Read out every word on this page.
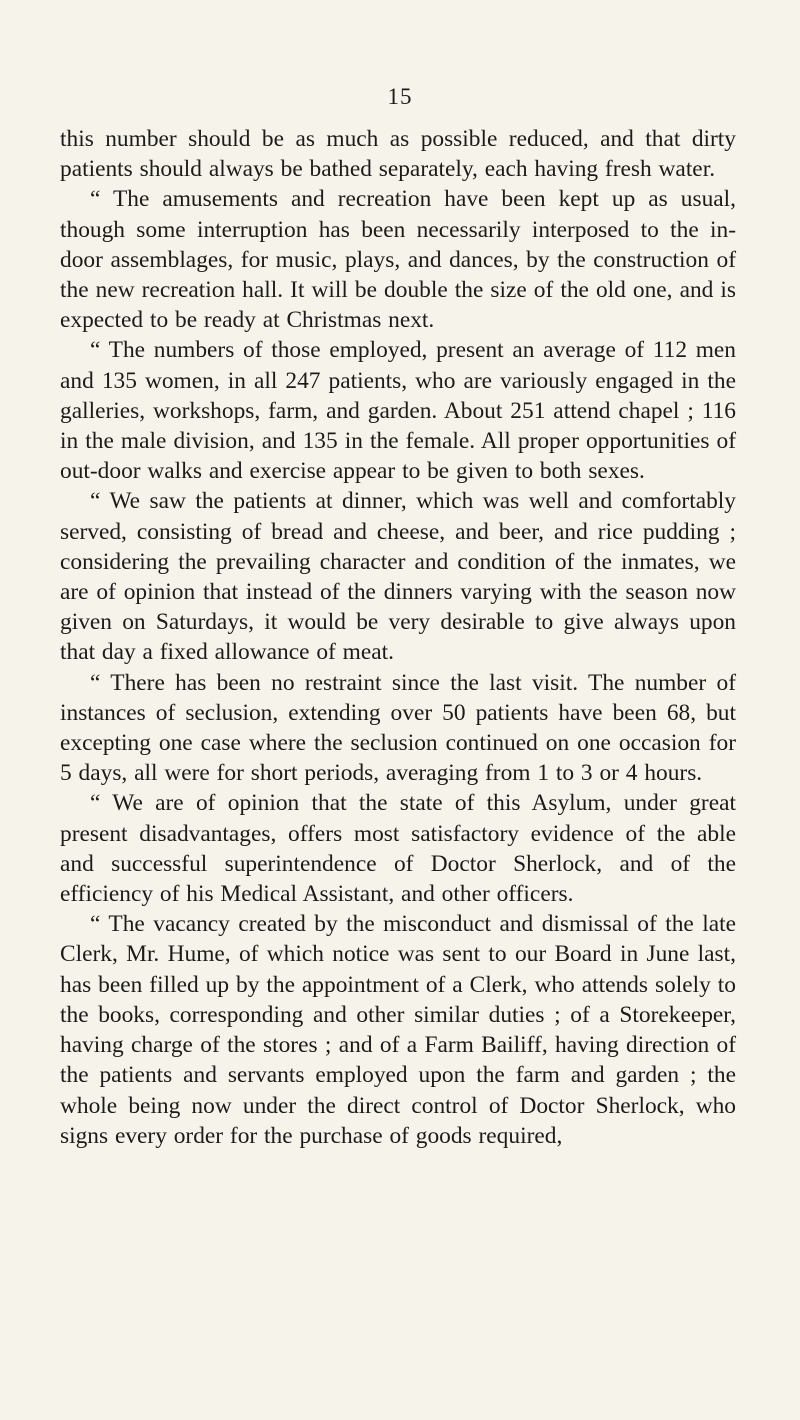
15

this number should be as much as possible reduced, and that dirty patients should always be bathed separately, each having fresh water.

“ The amusements and recreation have been kept up as usual, though some interruption has been necessarily interposed to the in-door assemblages, for music, plays, and dances, by the construction of the new recreation hall. It will be double the size of the old one, and is expected to be ready at Christmas next.

“ The numbers of those employed, present an average of 112 men and 135 women, in all 247 patients, who are variously engaged in the galleries, workshops, farm, and garden. About 251 attend chapel ; 116 in the male division, and 135 in the female. All proper opportunities of out-door walks and exercise appear to be given to both sexes.

“ We saw the patients at dinner, which was well and comfortably served, consisting of bread and cheese, and beer, and rice pudding ; considering the prevailing character and condition of the inmates, we are of opinion that instead of the dinners varying with the season now given on Saturdays, it would be very desirable to give always upon that day a fixed allowance of meat.

“ There has been no restraint since the last visit. The number of instances of seclusion, extending over 50 patients have been 68, but excepting one case where the seclusion continued on one occasion for 5 days, all were for short periods, averaging from 1 to 3 or 4 hours.

“ We are of opinion that the state of this Asylum, under great present disadvantages, offers most satisfactory evidence of the able and successful superintendence of Doctor Sherlock, and of the efficiency of his Medical Assistant, and other officers.

“ The vacancy created by the misconduct and dismissal of the late Clerk, Mr. Hume, of which notice was sent to our Board in June last, has been filled up by the appointment of a Clerk, who attends solely to the books, corresponding and other similar duties ; of a Storekeeper, having charge of the stores ; and of a Farm Bailiff, having direction of the patients and servants employed upon the farm and garden ; the whole being now under the direct control of Doctor Sherlock, who signs every order for the purchase of goods required,
